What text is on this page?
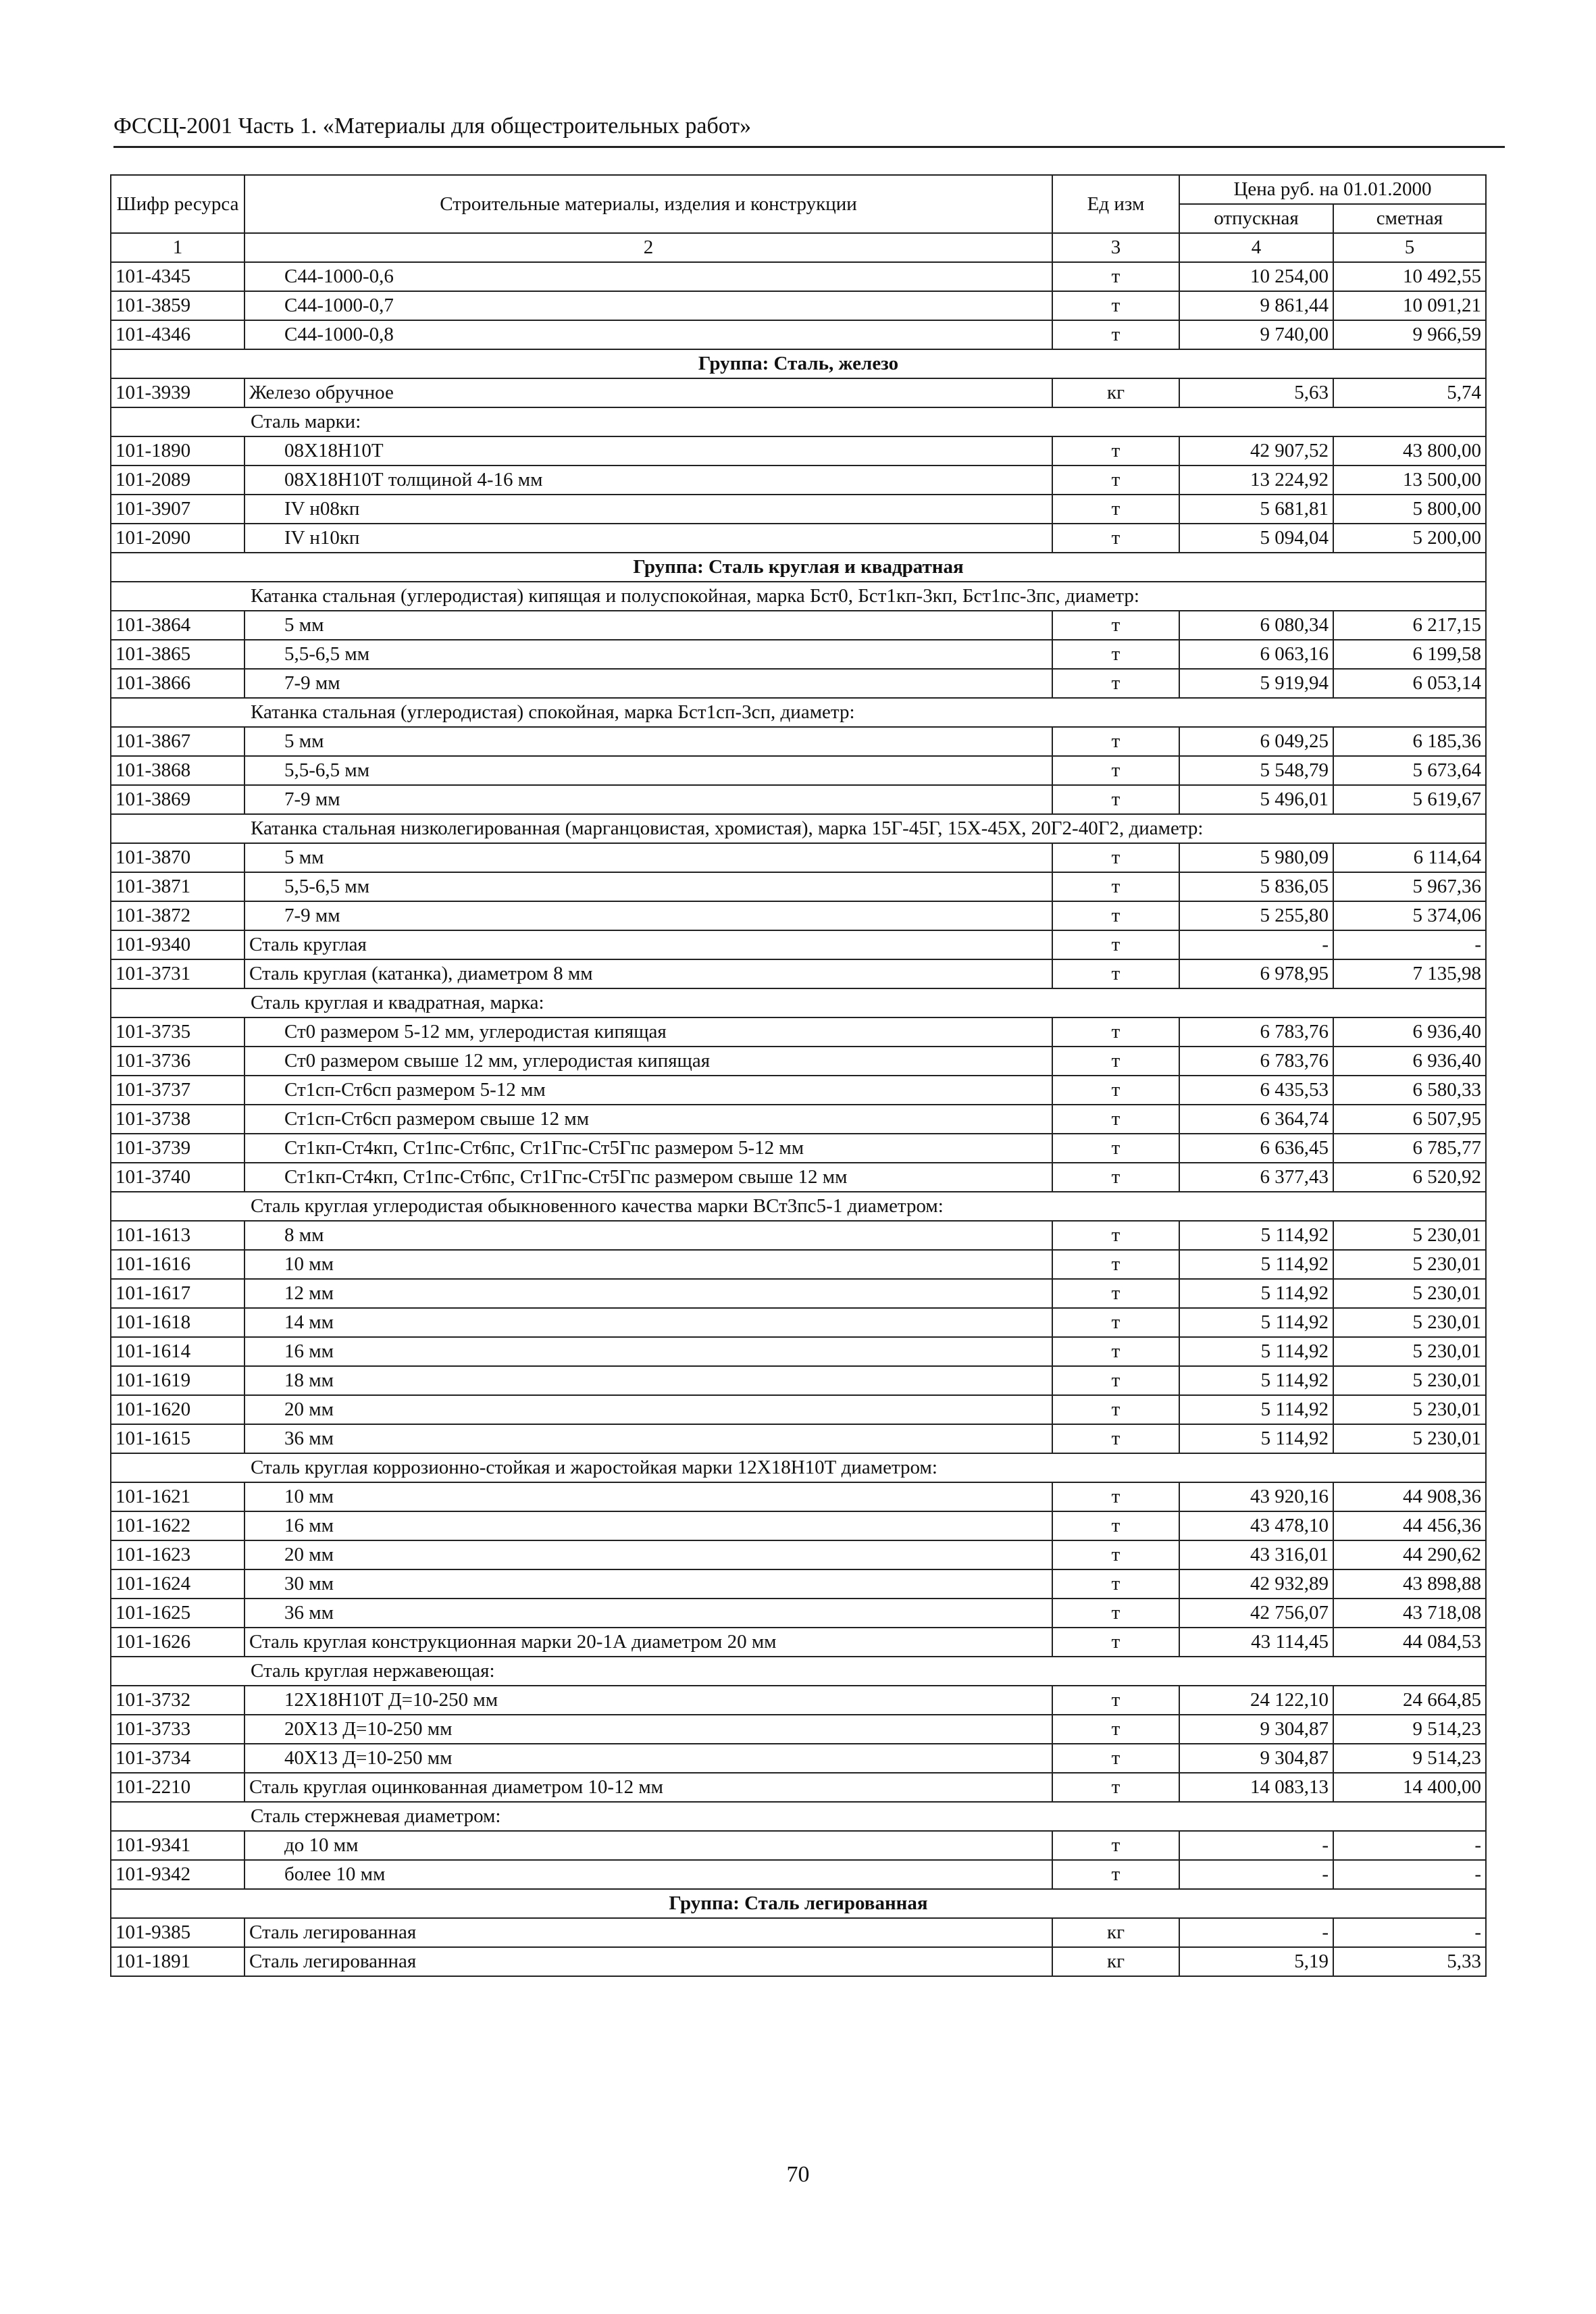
ФССЦ-2001 Часть 1. «Материалы для общестроительных работ»
Шифр ресурса	Строительные материалы, изделия и конструкции	Ед изм	Цена руб. на 01.01.2000	
			отпускная	сметная
1	2	3	4	5
101-4345	С44-1000-0,6	т	10 254,00	10 492,55
101-3859	С44-1000-0,7	т	9 861,44	10 091,21
101-4346	С44-1000-0,8	т	9 740,00	9 966,59
Группа: Сталь, железо				
101-3939	Железо обручное	кг	5,63	5,74
Сталь марки:				
101-1890	08Х18Н10Т	т	42 907,52	43 800,00
101-2089	08Х18Н10Т толщиной 4-16 мм	т	13 224,92	13 500,00
101-3907	IV н08кп	т	5 681,81	5 800,00
101-2090	IV н10кп	т	5 094,04	5 200,00
Группа: Сталь круглая и квадратная				
Катанка стальная (углеродистая) кипящая и полуспокойная, марка Бст0, Бст1кп-3кп, Бст1пс-3пс, диаметр:				
101-3864	5 мм	т	6 080,34	6 217,15
101-3865	5,5-6,5 мм	т	6 063,16	6 199,58
101-3866	7-9 мм	т	5 919,94	6 053,14
Катанка стальная (углеродистая) спокойная, марка Бст1сп-3сп, диаметр:				
101-3867	5 мм	т	6 049,25	6 185,36
101-3868	5,5-6,5 мм	т	5 548,79	5 673,64
101-3869	7-9 мм	т	5 496,01	5 619,67
Катанка стальная низколегированная (марганцовистая, хромистая), марка 15Г-45Г, 15Х-45Х, 20Г2-40Г2, диаметр:				
101-3870	5 мм	т	5 980,09	6 114,64
101-3871	5,5-6,5 мм	т	5 836,05	5 967,36
101-3872	7-9 мм	т	5 255,80	5 374,06
101-9340	Сталь круглая	т	-	-
101-3731	Сталь круглая (катанка), диаметром 8 мм	т	6 978,95	7 135,98
Сталь круглая и квадратная, марка:				
101-3735	Ст0 размером 5-12 мм, углеродистая кипящая	т	6 783,76	6 936,40
101-3736	Ст0 размером свыше 12 мм, углеродистая кипящая	т	6 783,76	6 936,40
101-3737	Ст1сп-Ст6сп размером 5-12 мм	т	6 435,53	6 580,33
101-3738	Ст1сп-Ст6сп размером свыше 12 мм	т	6 364,74	6 507,95
101-3739	Ст1кп-Ст4кп, Ст1пс-Ст6пс, Ст1Гпс-Ст5Гпс размером 5-12 мм	т	6 636,45	6 785,77
101-3740	Ст1кп-Ст4кп, Ст1пс-Ст6пс, Ст1Гпс-Ст5Гпс размером свыше 12 мм	т	6 377,43	6 520,92
Сталь круглая углеродистая обыкновенного качества марки ВСт3пс5-1 диаметром:				
101-1613	8 мм	т	5 114,92	5 230,01
101-1616	10 мм	т	5 114,92	5 230,01
101-1617	12 мм	т	5 114,92	5 230,01
101-1618	14 мм	т	5 114,92	5 230,01
101-1614	16 мм	т	5 114,92	5 230,01
101-1619	18 мм	т	5 114,92	5 230,01
101-1620	20 мм	т	5 114,92	5 230,01
101-1615	36 мм	т	5 114,92	5 230,01
Сталь круглая коррозионно-стойкая и жаростойкая марки 12Х18Н10Т диаметром:				
101-1621	10 мм	т	43 920,16	44 908,36
101-1622	16 мм	т	43 478,10	44 456,36
101-1623	20 мм	т	43 316,01	44 290,62
101-1624	30 мм	т	42 932,89	43 898,88
101-1625	36 мм	т	42 756,07	43 718,08
101-1626	Сталь круглая конструкционная марки 20-1А диаметром 20 мм	т	43 114,45	44 084,53
Сталь круглая нержавеющая:				
101-3732	12Х18Н10Т Д=10-250 мм	т	24 122,10	24 664,85
101-3733	20Х13 Д=10-250 мм	т	9 304,87	9 514,23
101-3734	40Х13 Д=10-250 мм	т	9 304,87	9 514,23
101-2210	Сталь круглая оцинкованная диаметром 10-12 мм	т	14 083,13	14 400,00
Сталь стержневая диаметром:				
101-9341	до 10 мм	т	-	-
101-9342	более 10 мм	т	-	-
Группа: Сталь легированная				
101-9385	Сталь легированная	кг	-	-
101-1891	Сталь легированная	кг	5,19	5,33
70
